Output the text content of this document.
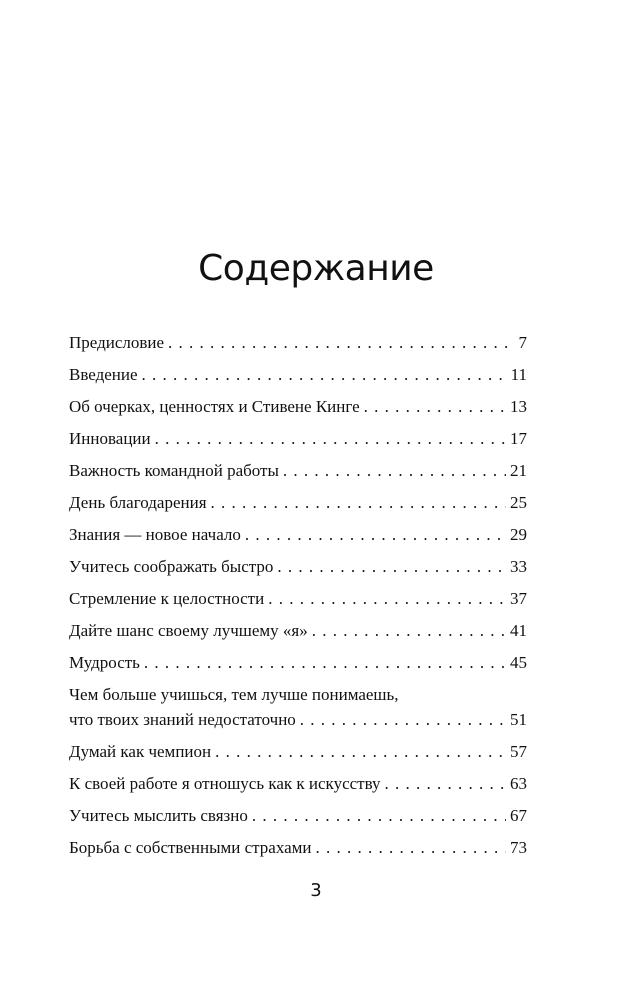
Содержание
Предисловие . . .	7
Введение . . .	11
Об очерках, ценностях и Стивене Кинге . . .	13
Инновации . . .	17
Важность командной работы . . .	21
День благодарения . . .	25
Знания — новое начало . . .	29
Учитесь соображать быстро . . .	33
Стремление к целостности . . .	37
Дайте шанс своему лучшему «я» . . .	41
Мудрость . . .	45
Чем больше учишься, тем лучше понимаешь,
что твоих знаний недостаточно . . .	51
Думай как чемпион . . .	57
К своей работе я отношусь как к искусству . . .	63
Учитесь мыслить связно . . .	67
Борьба с собственными страхами . . .	73
3
